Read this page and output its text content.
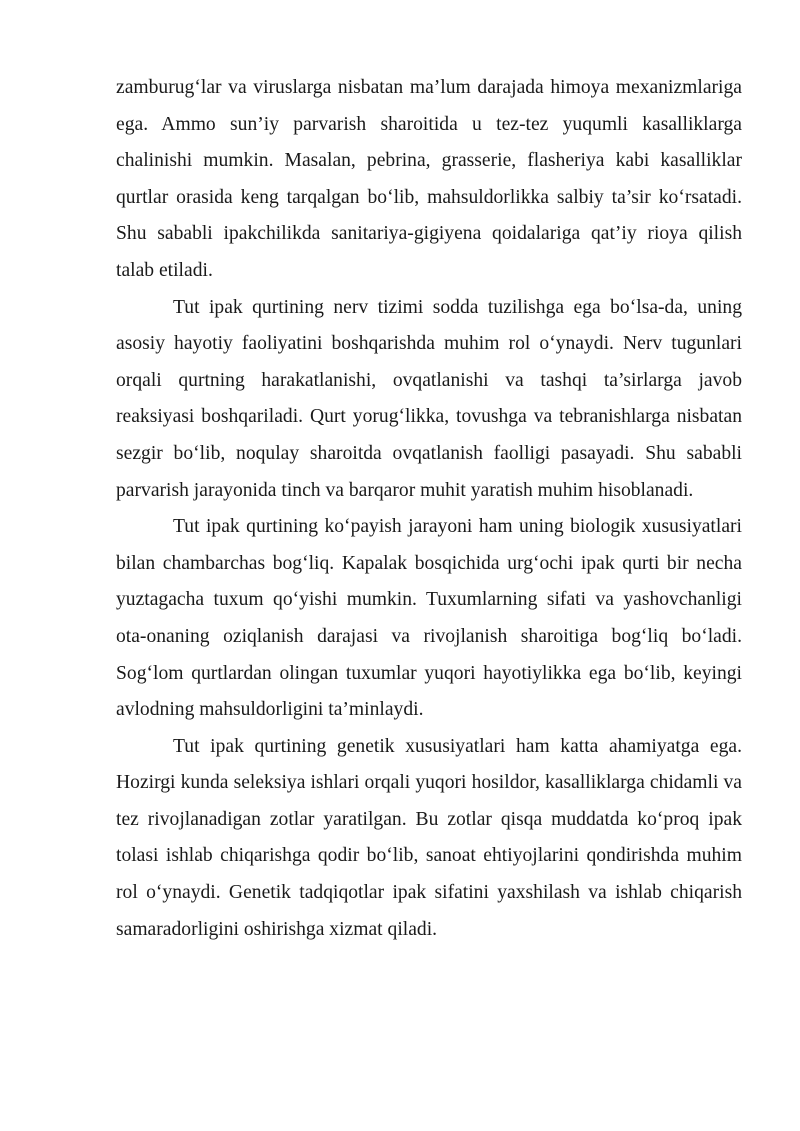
zamburug‘lar va viruslarga nisbatan ma’lum darajada himoya mexanizmlariga ega. Ammo sun’iy parvarish sharoitida u tez-tez yuqumli kasalliklarga chalinishi mumkin. Masalan, pebrina, grasserie, flasheriya kabi kasalliklar qurtlar orasida keng tarqalgan bo‘lib, mahsuldorlikka salbiy ta’sir ko‘rsatadi. Shu sababli ipakchilikda sanitariya-gigiyena qoidalariga qat’iy rioya qilish talab etiladi.

Tut ipak qurtining nerv tizimi sodda tuzilishga ega bo‘lsa-da, uning asosiy hayotiy faoliyatini boshqarishda muhim rol o‘ynaydi. Nerv tugunlari orqali qurtning harakatlanishi, ovqatlanishi va tashqi ta’sirlarga javob reaksiyasi boshqariladi. Qurt yorug‘likka, tovushga va tebranishlarga nisbatan sezgir bo‘lib, noqulay sharoitda ovqatlanish faolligi pasayadi. Shu sababli parvarish jarayonida tinch va barqaror muhit yaratish muhim hisoblanadi.

Tut ipak qurtining ko‘payish jarayoni ham uning biologik xususiyatlari bilan chambarchas bog‘liq. Kapalak bosqichida urg‘ochi ipak qurti bir necha yuztagacha tuxum qo‘yishi mumkin. Tuxumlarning sifati va yashovchanligi ota-onaning oziqlanish darajasi va rivojlanish sharoitiga bog‘liq bo‘ladi. Sog‘lom qurtlardan olingan tuxumlar yuqori hayotiylikka ega bo‘lib, keyingi avlodning mahsuldorligini ta’minlaydi.

Tut ipak qurtining genetik xususiyatlari ham katta ahamiyatga ega. Hozirgi kunda seleksiya ishlari orqali yuqori hosildor, kasalliklarga chidamli va tez rivojlanadigan zotlar yaratilgan. Bu zotlar qisqa muddatda ko‘proq ipak tolasi ishlab chiqarishga qodir bo‘lib, sanoat ehtiyojlarini qondirishda muhim rol o‘ynaydi. Genetik tadqiqotlar ipak sifatini yaxshilash va ishlab chiqarish samaradorligini oshirishga xizmat qiladi.
